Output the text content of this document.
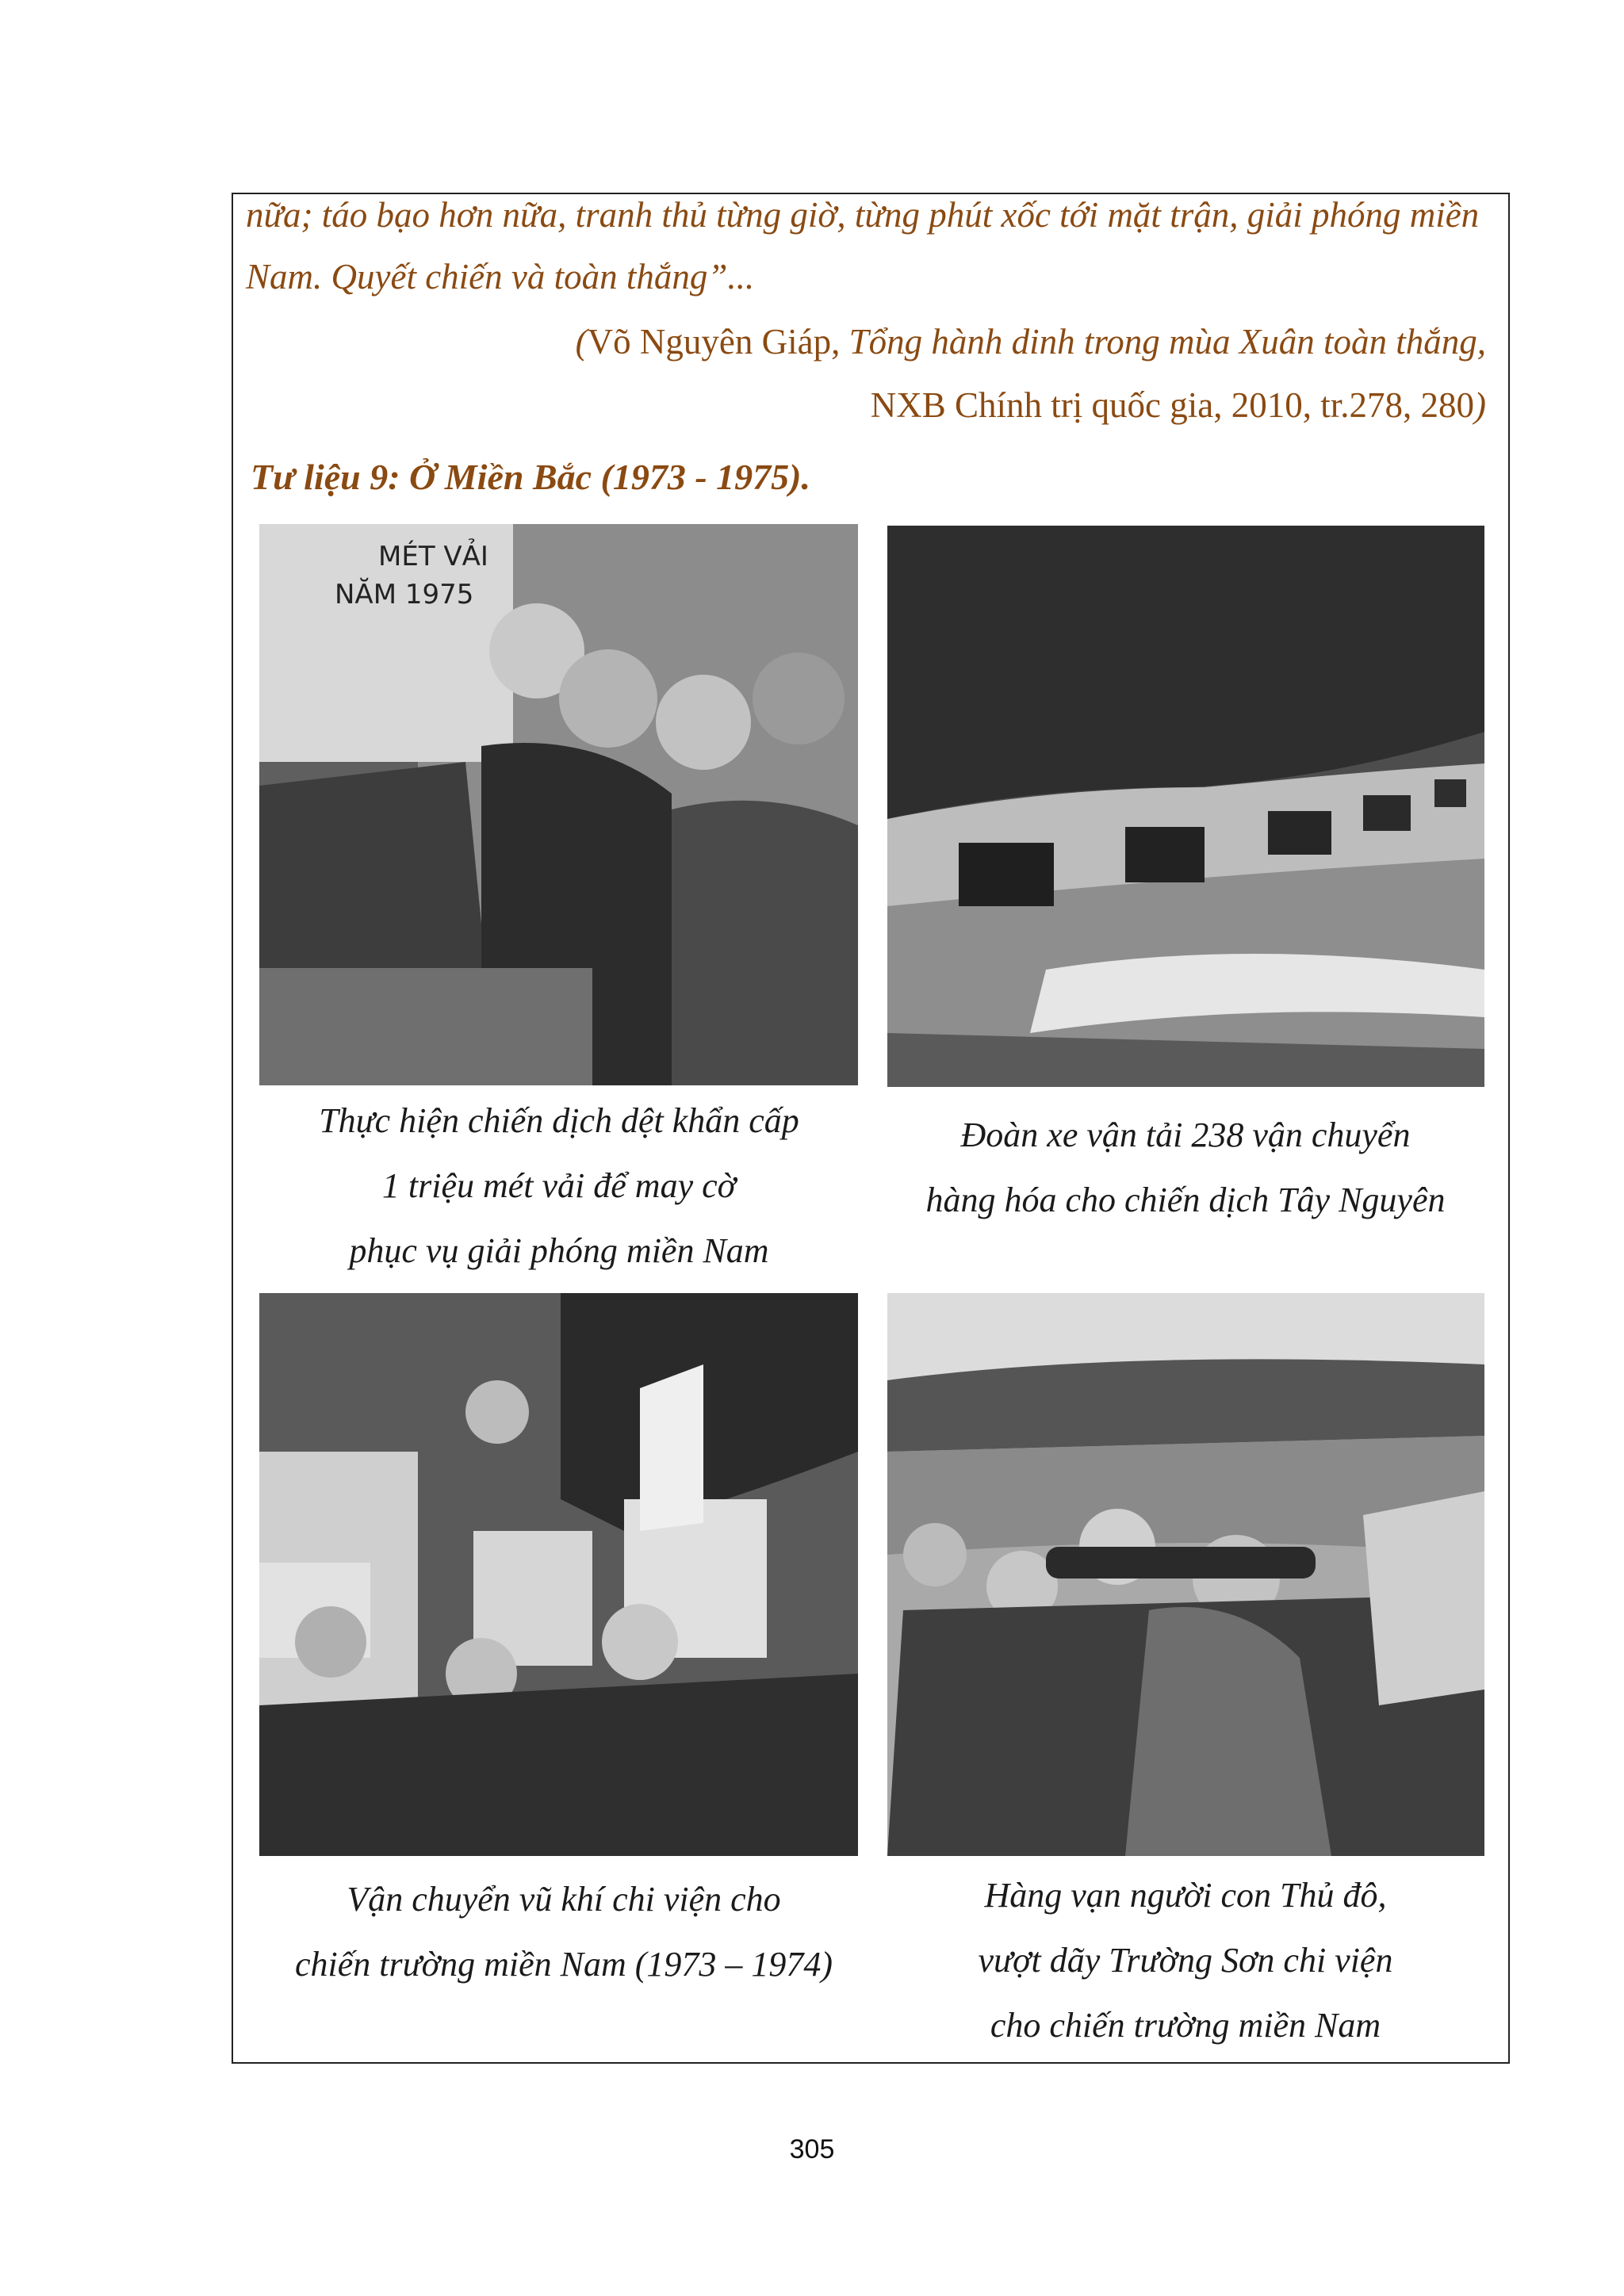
nữa; táo bạo hơn nữa, tranh thủ từng giờ, từng phút xốc tới mặt trận, giải phóng miền
Nam. Quyết chiến và toàn thắng”...
(Võ Nguyên Giáp, Tổng hành dinh trong mùa Xuân toàn thắng,
NXB Chính trị quốc gia, 2010, tr.278, 280)
Tư liệu 9: Ở Miền Bắc (1973 - 1975).
MÉT VẢI
NĂM 1975
Thực hiện chiến dịch dệt khẩn cấp
1 triệu mét vải để may cờ
phục vụ giải phóng miền Nam
Đoàn xe vận tải 238 vận chuyển
hàng hóa cho chiến dịch Tây Nguyên
Vận chuyển vũ khí chi viện cho
chiến trường miền Nam (1973 – 1974)
Hàng vạn người con Thủ đô,
vượt dãy Trường Sơn chi viện
cho chiến trường miền Nam
305
